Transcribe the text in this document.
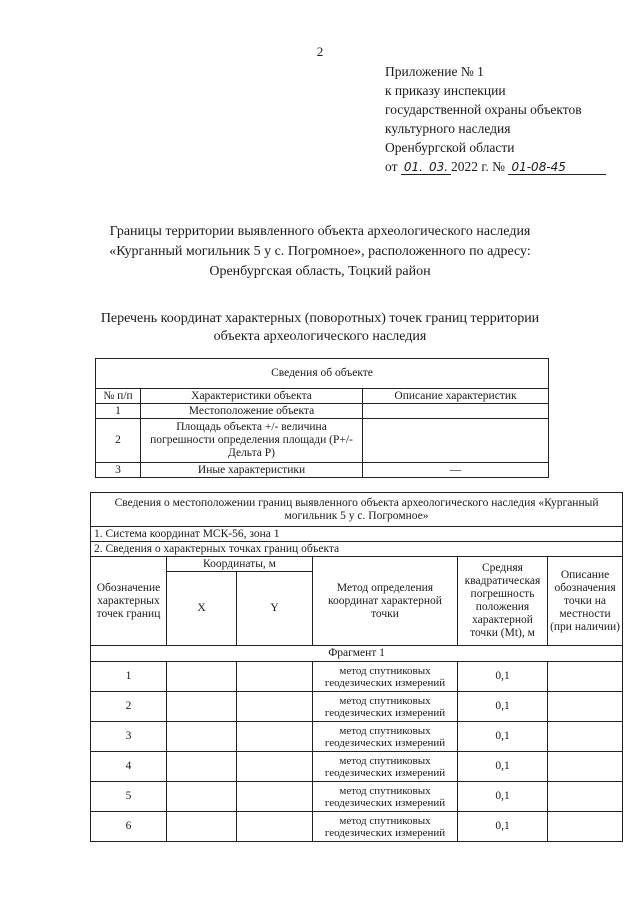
2
Приложение № 1
к приказу инспекции
государственной охраны объектов
культурного наследия
Оренбургской области
от 01. 03. 2022 г. № 01-08-45
Границы территории выявленного объекта археологического наследия
«Курганный могильник 5 у с. Погромное», расположенного по адресу:
Оренбургская область, Тоцкий район
Перечень координат характерных (поворотных) точек границ территории
объекта археологического наследия
Сведения об объекте		
№ п/п	Характеристики объекта	Описание характеристик
1	Местоположение объекта	
2	Площадь объекта +/- величина погрешности определения площади (Р+/- Дельта Р)	
3	Иные характеристики	—
Сведения о местоположении границ выявленного объекта археологического наследия «Курганный могильник 5 у с. Погромное»					
1. Система координат МСК-56, зона 1					
2. Сведения о характерных точках границ объекта					
Обозначение характерных точек границ	Координаты, м		Метод определения координат характерной точки	Средняя квадратическая погрешность положения характерной точки (Mt), м	Описание обозначения точки на местности (при наличии)
	X	Y			
Фрагмент 1					
1			метод спутниковых геодезических измерений	0,1	
2			метод спутниковых геодезических измерений	0,1	
3			метод спутниковых геодезических измерений	0,1	
4			метод спутниковых геодезических измерений	0,1	
5			метод спутниковых геодезических измерений	0,1	
6			метод спутниковых геодезических измерений	0,1	
